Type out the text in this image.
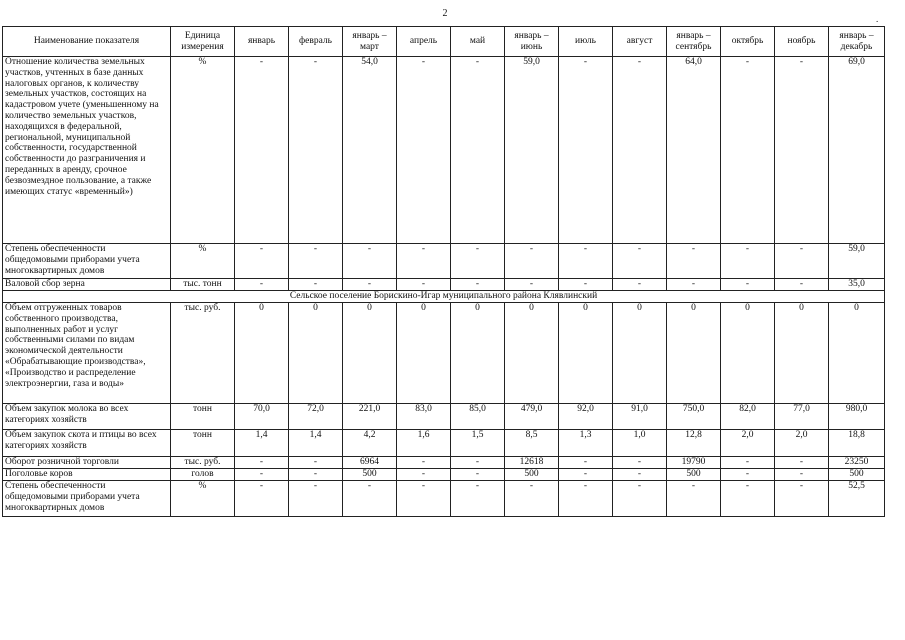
2	.
Наименование показателя	Единица измерения	январь	февраль	январь – март	апрель	май	январь – июнь	июль	август	январь – сентябрь	октябрь	ноябрь	январь – декабрь
Отношение количества земельных участков, учтенных в базе данных налоговых органов, к количеству земельных участков, состоящих на кадастровом учете (уменьшенному на количество земельных участков, находящихся в федеральной, региональной, муниципальной собственности, государственной собственности до разграничения и переданных в аренду, срочное безвозмездное пользование, а также имеющих статус «временный»)	%	-	-	54,0	-	-	59,0	-	-	64,0	-	-	69,0
Степень обеспеченности общедомовыми приборами учета многоквартирных домов	%	-	-	-	-	-	-	-	-	-	-	-	59,0
Валовой сбор зерна	тыс. тонн	-	-	-	-	-	-	-	-	-	-	-	35,0
Сельское поселение Борискино-Игар муниципального района Клявлинский													
Объем отгруженных товаров собственного производства, выполненных работ и услуг собственными силами по видам экономической деятельности «Обрабатывающие производства», «Производство и распределение электроэнергии, газа и воды»	тыс. руб.	0	0	0	0	0	0	0	0	0	0	0	0
Объем закупок молока во всех категориях хозяйств	тонн	70,0	72,0	221,0	83,0	85,0	479,0	92,0	91,0	750,0	82,0	77,0	980,0
Объем закупок скота и птицы во всех категориях хозяйств	тонн	1,4	1,4	4,2	1,6	1,5	8,5	1,3	1,0	12,8	2,0	2,0	18,8
Оборот розничной торговли	тыс. руб.	-	-	6964	-	-	12618	-	-	19790	-	-	23250
Поголовье коров	голов	-	-	500	-	-	500	-	-	500	-	-	500
Степень обеспеченности общедомовыми приборами учета многоквартирных домов	%	-	-	-	-	-	-	-	-	-	-	-	52,5
